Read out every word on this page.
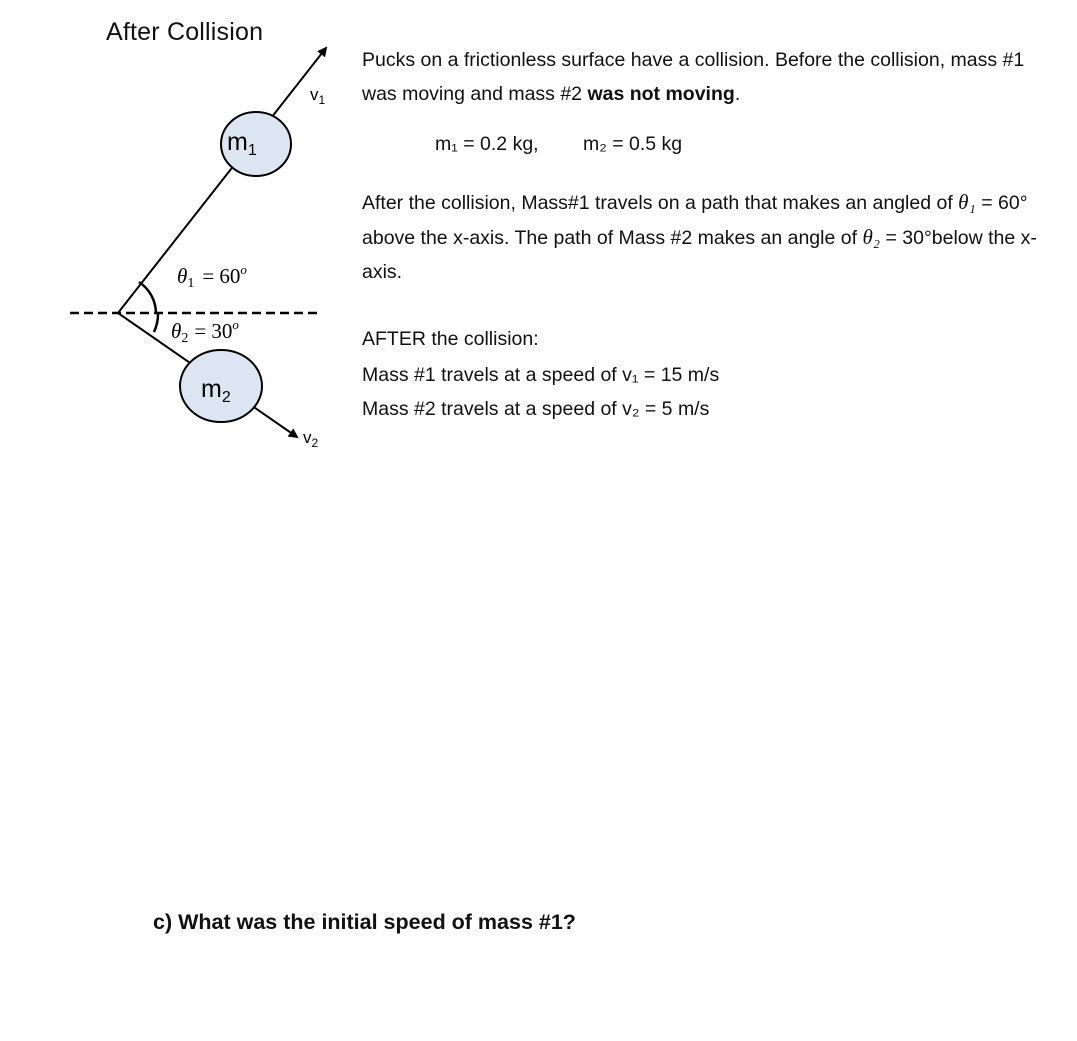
After Collision
$m_1$
$m_2$
$v_1$
$v_2$
$\theta 1 = 60^o$
$\theta 2 = 30^o$
Pucks on a frictionless surface have a collision. Before the collision, mass #1 was moving and mass #2 was not moving.
m₁ = 0.2 kg, m₂ = 0.5 kg
After the collision, Mass#1 travels on a path that makes an angled of θ₁ = 60° above the x-axis. The path of Mass #2 makes an angle of θ₂ = 30°below the x-axis.
AFTER the collision:
Mass #1 travels at a speed of v₁ = 15 m/s
Mass #2 travels at a speed of v₂ = 5 m/s
c) What was the initial speed of mass #1?
